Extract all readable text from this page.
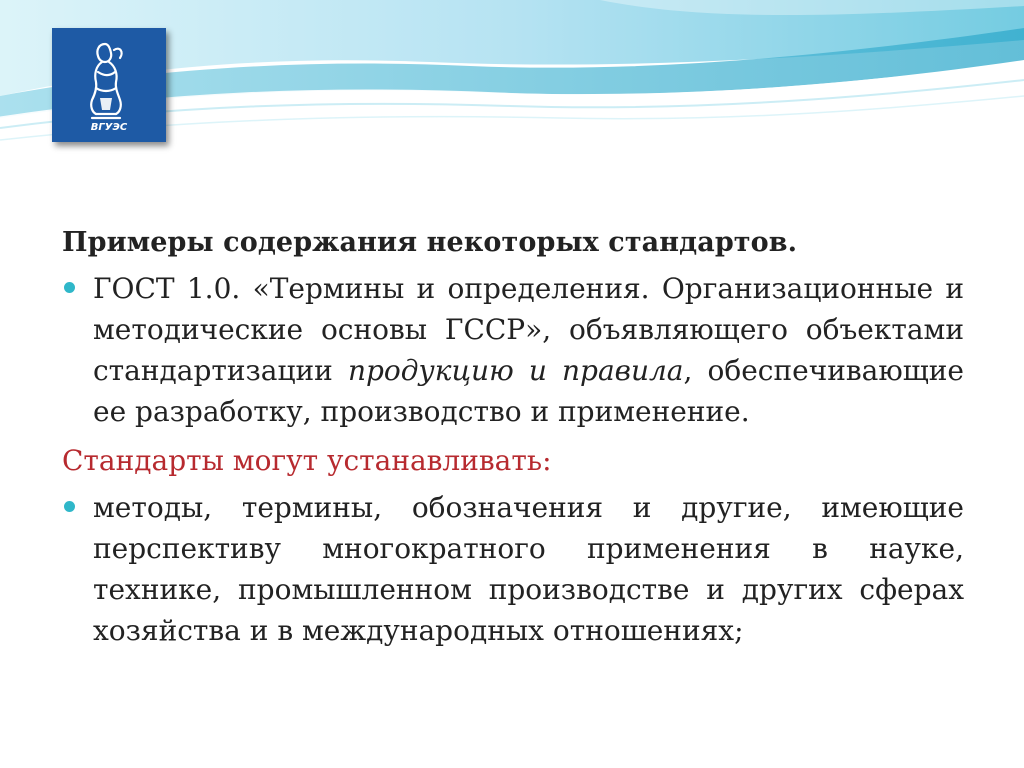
ВГУЭС

Примеры содержания некоторых стандартов.

ГОСТ 1.0. «Термины и определения. Организационные и методические основы ГССР», объявляющего объектами стандартизации продукцию и правила, обеспечивающие ее разработку, производство и применение.

Стандарты могут устанавливать:

методы, термины, обозначения и другие, имеющие перспективу многократного применения в науке, технике, промышленном производстве и других сферах хозяйства и в международных отношениях;
